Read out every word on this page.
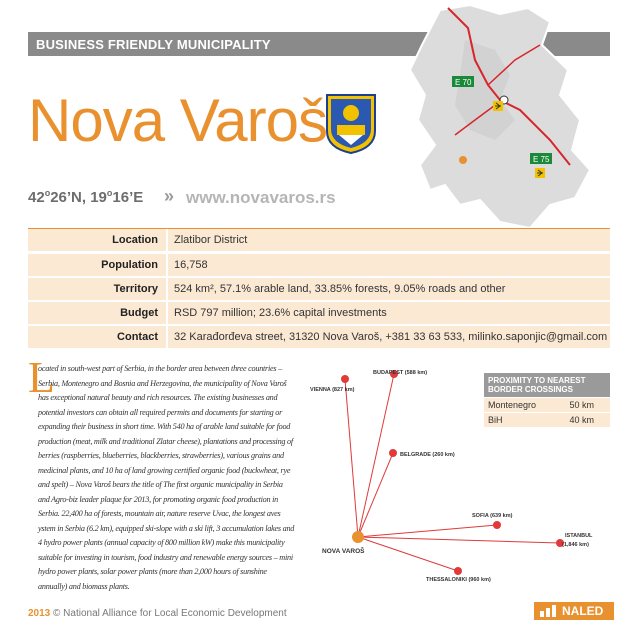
BUSINESS FRIENDLY MUNICIPALITY
E 70
E 75
Nova Varoš
42$^o$26’N, 19$^o$16’E » www.novavaros.rs
Location	Zlatibor District
Population	16,758
Territory	524 km², 57.1% arable land, 33.85% forests, 9.05% roads and other
Budget	RSD 797 million; 23.6% capital investments
Contact	32 Karađorđeva street, 31320 Nova Varoš, +381 33 63 533, milinko.saponjic@gmail.com
L
ocated in south-west part of Serbia, in the border area between three countries – Serbia, Montenegro and Bosnia and Herzegovina, the municipality of Nova Varoš has exceptional natural beauty and rich resources. The existing businesses and potential investors can obtain all required permits and documents for starting or expanding their business in short time. With 540 ha of arable land suitable for food production (meat, milk and traditional Zlatar cheese), plantations and processing of berries (raspberries, blueberries, blackberries, strawberries), various grains and medicinal plants, and 10 ha of land growing certified organic food (buckwheat, rye and spelt) – Nova Varoš bears the title of The first organic municipality in Serbia and Agro-biz leader plaque for 2013, for promoting organic food production in Serbia. 22,400 ha of forests, mountain air, nature reserve Uvac, the longest aves ystem in Serbia (6.2 km), equipped ski-slope with a ski lift, 3 accumulation lakes and 4 hydro power plants (annual capacity of 800 million kW) make this municipality suitable for investing in tourism, food industry and renewable energy sources – mini hydro power plants, solar power plants (more than 2,000 hours of sunshine annually) and biomass plants.
PROXIMITY TO NEAREST BORDER CROSSINGS
Montenegro	50 km
BiH	40 km
BUDAPEST (588 km)
VIENNA (827 km)
BELGRADE (260 km)
SOFIA (639 km)
ISTANBUL
(1,846 km)
THESSALONIKI (960 km)
NOVA VAROŠ
2013 © National Alliance for Local Economic Development	NALED
